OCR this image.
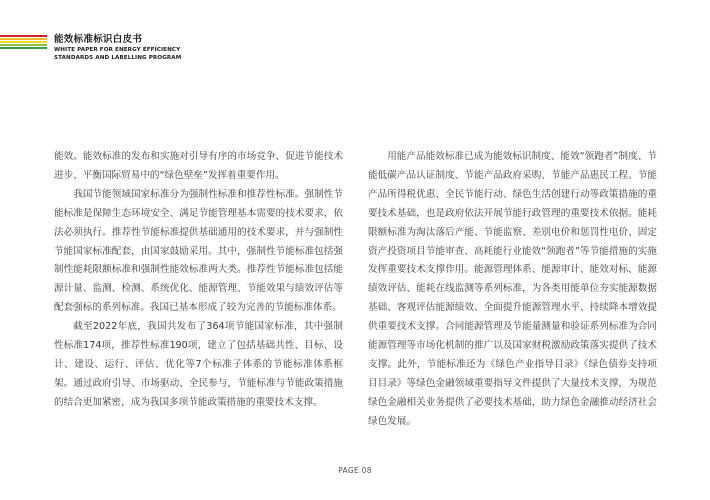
能效标准标识白皮书
WHITE PAPER FOR ENERGY EFFICIENCY
STANDARDS AND LABELLING PROGRAM

能效。能效标准的发布和实施对引导有序的市场竞争、促进节能技术进步、平衡国际贸易中的“绿色壁垒”发挥着重要作用。

我国节能领域国家标准分为强制性标准和推荐性标准。强制性节能标准是保障生态环境安全、满足节能管理基本需要的技术要求，依法必须执行。推荐性节能标准提供基础通用的技术要求，并与强制性节能国家标准配套，由国家鼓励采用。其中，强制性节能标准包括强制性能耗限额标准和强制性能效标准两大类。推荐性节能标准包括能源计量、监测、检测、系统优化、能源管理、节能效果与绩效评估等配套强标的系列标准。我国已基本形成了较为完善的节能标准体系。

截至2022年底，我国共发布了364项节能国家标准，其中强制性标准174项，推荐性标准190项，建立了包括基础共性、目标、设计、建设、运行、评估、优化等7个标准子体系的节能标准体系框架。通过政府引导、市场驱动、全民参与，节能标准与节能政策措施的结合更加紧密，成为我国多项节能政策措施的重要技术支撑。

用能产品能效标准已成为能效标识制度、能效“领跑者”制度、节能低碳产品认证制度、节能产品政府采购、节能产品惠民工程、节能产品所得税优惠、全民节能行动、绿色生活创建行动等政策措施的重要技术基础，也是政府依法开展节能行政管理的重要技术依据。能耗限额标准为淘汰落后产能、节能监察、差别电价和惩罚性电价、固定资产投资项目节能审查、高耗能行业能效“领跑者”等节能措施的实施发挥重要技术支撑作用。能源管理体系、能源审计、能效对标、能源绩效评估、能耗在线监测等系列标准，为各类用能单位夯实能源数据基础、客观评估能源绩效、全面提升能源管理水平、持续降本增效提供重要技术支撑。合同能源管理及节能量测量和验证系列标准为合同能源管理等市场化机制的推广以及国家财税激励政策落实提供了技术支撑。此外，节能标准还为《绿色产业指导目录》《绿色债券支持项目目录》等绿色金融领域重要指导文件提供了大量技术支撑，为规范绿色金融相关业务提供了必要技术基础，助力绿色金融推动经济社会绿色发展。

PAGE 08
